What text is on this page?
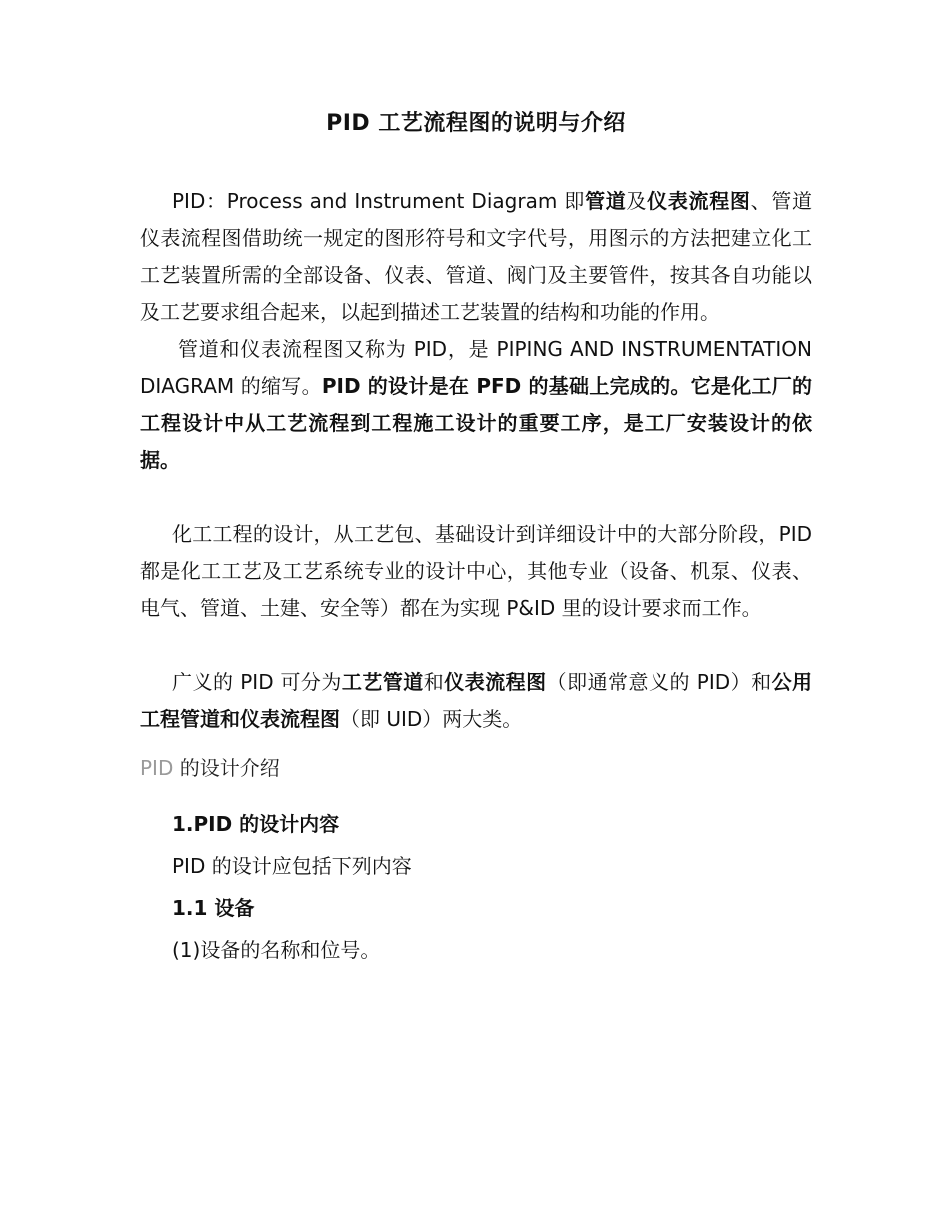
PID 工艺流程图的说明与介绍

PID：Process and Instrument Diagram 即管道及仪表流程图、管道仪表流程图借助统一规定的图形符号和文字代号，用图示的方法把建立化工工艺装置所需的全部设备、仪表、管道、阀门及主要管件，按其各自功能以及工艺要求组合起来，以起到描述工艺装置的结构和功能的作用。

管道和仪表流程图又称为 PID，是 PIPING AND INSTRUMENTATION DIAGRAM 的缩写。PID 的设计是在 PFD 的基础上完成的。它是化工厂的工程设计中从工艺流程到工程施工设计的重要工序，是工厂安装设计的依据。

化工工程的设计，从工艺包、基础设计到详细设计中的大部分阶段，PID 都是化工工艺及工艺系统专业的设计中心，其他专业（设备、机泵、仪表、电气、管道、土建、安全等）都在为实现 P&ID 里的设计要求而工作。

广义的 PID 可分为工艺管道和仪表流程图（即通常意义的 PID）和公用工程管道和仪表流程图（即 UID）两大类。

PID 的设计介绍
1.PID 的设计内容
PID 的设计应包括下列内容
1.1 设备
(1)设备的名称和位号。
